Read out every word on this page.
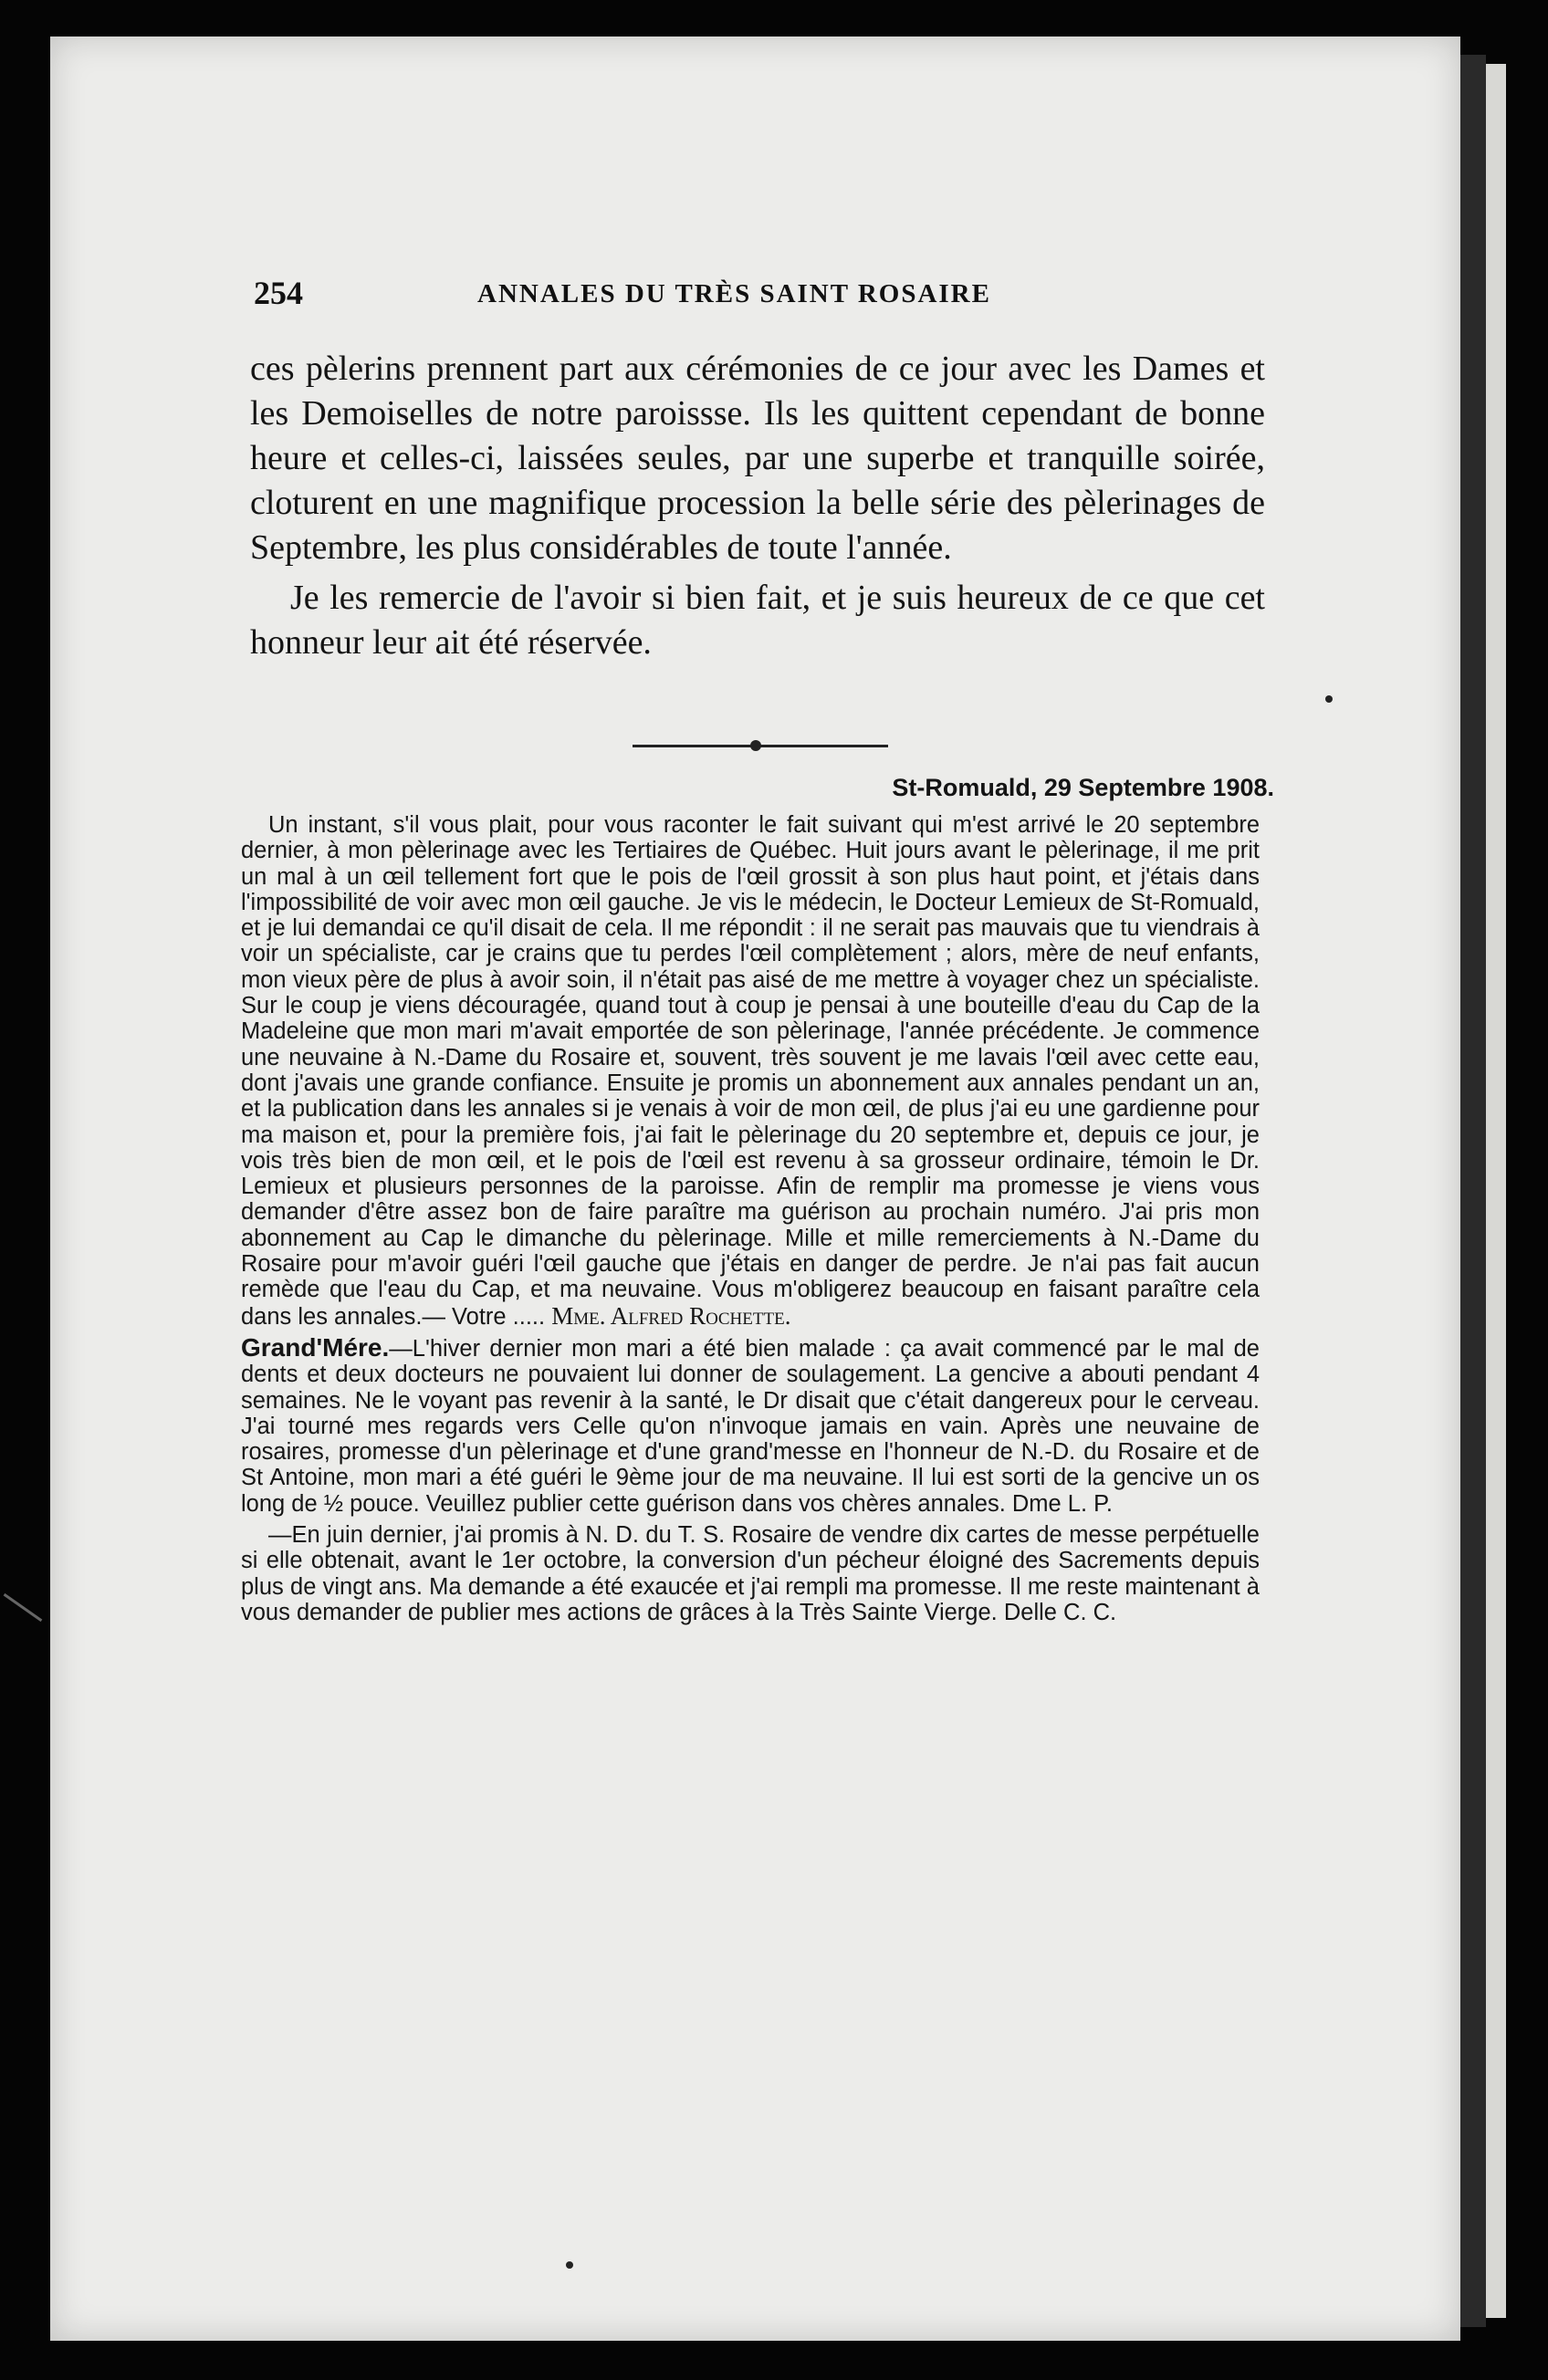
254	ANNALES DU TRÈS SAINT ROSAIRE

ces pèlerins prennent part aux cérémonies de ce jour avec les Dames et les Demoiselles de notre paroissse. Ils les quittent cependant de bonne heure et celles-ci, laissées seules, par une superbe et tranquille soirée, cloturent en une magnifique procession la belle série des pèlerinages de Septembre, les plus considérables de toute l'année.

Je les remercie de l'avoir si bien fait, et je suis heureux de ce que cet honneur leur ait été réservée.

St-Romuald, 29 Septembre 1908.

Un instant, s'il vous plait, pour vous raconter le fait suivant qui m'est arrivé le 20 septembre dernier, à mon pèlerinage avec les Tertiaires de Québec. Huit jours avant le pèlerinage, il me prit un mal à un œil tellement fort que le pois de l'œil grossit à son plus haut point, et j'étais dans l'impossibilité de voir avec mon œil gauche. Je vis le médecin, le Docteur Lemieux de St-Romuald, et je lui demandai ce qu'il disait de cela. Il me répondit : il ne serait pas mauvais que tu viendrais à voir un spécialiste, car je crains que tu perdes l'œil complètement ; alors, mère de neuf enfants, mon vieux père de plus à avoir soin, il n'était pas aisé de me mettre à voyager chez un spécialiste. Sur le coup je viens découragée, quand tout à coup je pensai à une bouteille d'eau du Cap de la Madeleine que mon mari m'avait emportée de son pèlerinage, l'année précédente. Je commence une neuvaine à N.-Dame du Rosaire et, souvent, très souvent je me lavais l'œil avec cette eau, dont j'avais une grande confiance. Ensuite je promis un abonnement aux annales pendant un an, et la publication dans les annales si je venais à voir de mon œil, de plus j'ai eu une gardienne pour ma maison et, pour la première fois, j'ai fait le pèlerinage du 20 septembre et, depuis ce jour, je vois très bien de mon œil, et le pois de l'œil est revenu à sa grosseur ordinaire, témoin le Dr. Lemieux et plusieurs personnes de la paroisse. Afin de remplir ma promesse je viens vous demander d'être assez bon de faire paraître ma guérison au prochain numéro. J'ai pris mon abonnement au Cap le dimanche du pèlerinage. Mille et mille remerciements à N.-Dame du Rosaire pour m'avoir guéri l'œil gauche que j'étais en danger de perdre. Je n'ai pas fait aucun remède que l'eau du Cap, et ma neuvaine. Vous m'obligerez beaucoup en faisant paraître cela dans les annales.— Votre ..... Mme. Alfred Rochette.

Grand'Mére.—L'hiver dernier mon mari a été bien malade : ça avait commencé par le mal de dents et deux docteurs ne pouvaient lui donner de soulagement. La gencive a abouti pendant 4 semaines. Ne le voyant pas revenir à la santé, le Dr disait que c'était dangereux pour le cerveau. J'ai tourné mes regards vers Celle qu'on n'invoque jamais en vain. Après une neuvaine de rosaires, promesse d'un pèlerinage et d'une grand'messe en l'honneur de N.-D. du Rosaire et de St Antoine, mon mari a été guéri le 9ème jour de ma neuvaine. Il lui est sorti de la gencive un os long de ½ pouce. Veuillez publier cette guérison dans vos chères annales. Dme L. P.

—En juin dernier, j'ai promis à N. D. du T. S. Rosaire de vendre dix cartes de messe perpétuelle si elle obtenait, avant le 1er octobre, la conversion d'un pécheur éloigné des Sacrements depuis plus de vingt ans. Ma demande a été exaucée et j'ai rempli ma promesse. Il me reste maintenant à vous demander de publier mes actions de grâces à la Très Sainte Vierge. Delle C. C.
